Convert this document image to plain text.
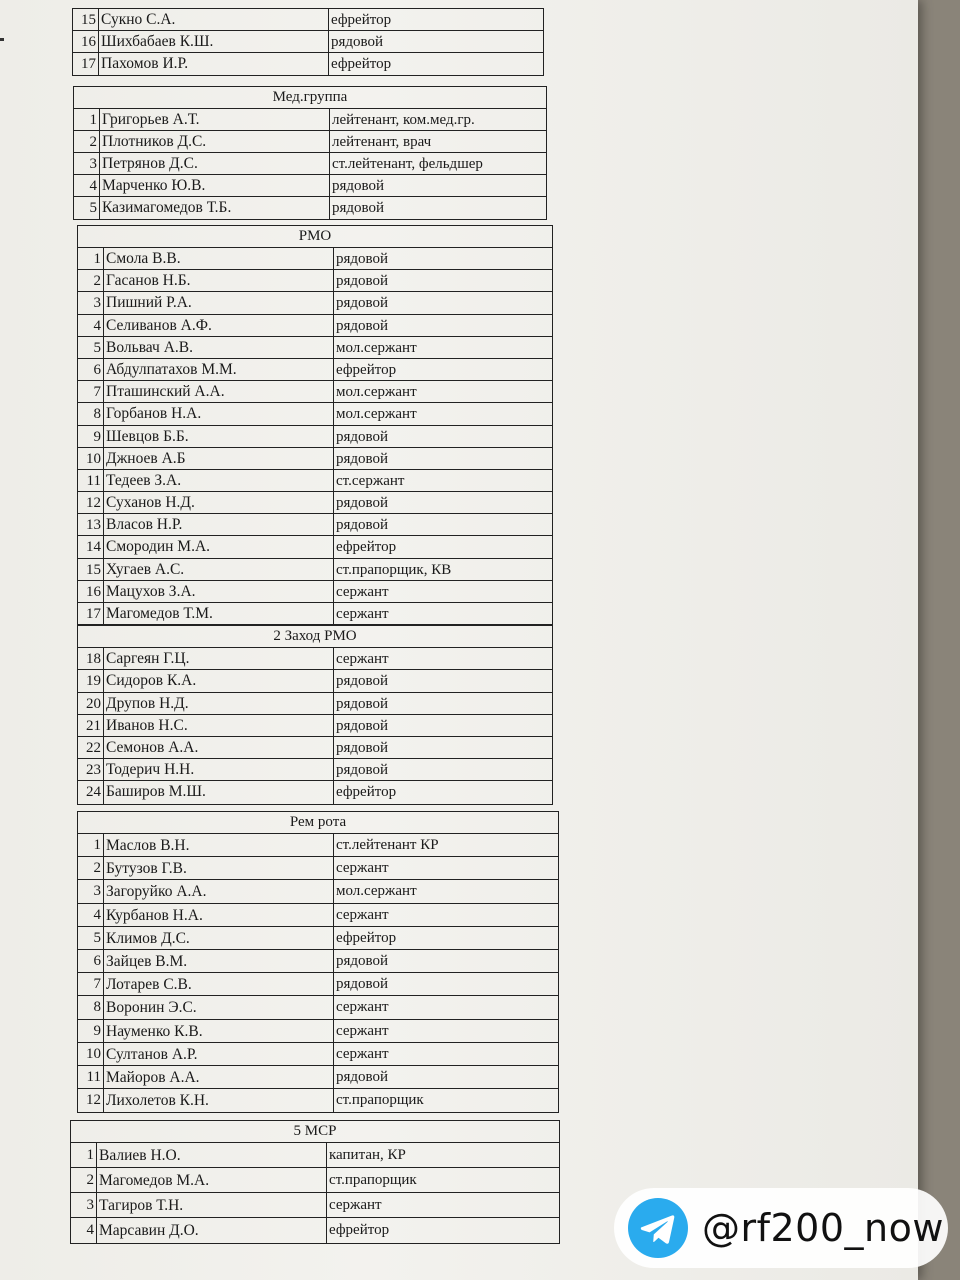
15 Сукно С.А.	ефрейтор
16 Шихбабаев К.Ш.	рядовой
17 Пахомов И.Р.	ефрейтор
Мед.группа
1 Григорьев А.Т.	лейтенант, ком.мед.гр.
2 Плотников Д.С.	лейтенант, врач
3 Петрянов Д.С.	ст.лейтенант, фельдшер
4 Марченко Ю.В.	рядовой
5 Казимагомедов Т.Б.	рядовой
РМО
1 Смола В.В.	рядовой
2 Гасанов Н.Б.	рядовой
3 Пишний Р.А.	рядовой
4 Селиванов А.Ф.	рядовой
5 Вольвач А.В.	мол.сержант
6 Абдулпатахов М.М.	ефрейтор
7 Пташинский А.А.	мол.сержант
8 Горбанов Н.А.	мол.сержант
9 Шевцов Б.Б.	рядовой
10 Джноев А.Б	рядовой
11 Тедеев З.А.	ст.сержант
12 Суханов Н.Д.	рядовой
13 Власов Н.Р.	рядовой
14 Смородин М.А.	ефрейтор
15 Хугаев А.С.	ст.прапорщик, КВ
16 Мацухов З.А.	сержант
17 Магомедов Т.М.	сержант
2 Заход РМО
18 Саргеян Г.Ц.	сержант
19 Сидоров К.А.	рядовой
20 Друпов Н.Д.	рядовой
21 Иванов Н.С.	рядовой
22 Семонов А.А.	рядовой
23 Тодерич Н.Н.	рядовой
24 Баширов М.Ш.	ефрейтор
Рем рота
1 Маслов В.Н.	ст.лейтенант КР
2 Бутузов Г.В.	сержант
3 Загоруйко А.А.	мол.сержант
4 Курбанов Н.А.	сержант
5 Климов Д.С.	ефрейтор
6 Зайцев В.М.	рядовой
7 Лотарев С.В.	рядовой
8 Воронин Э.С.	сержант
9 Науменко К.В.	сержант
10 Султанов А.Р.	сержант
11 Майоров А.А.	рядовой
12 Лихолетов К.Н.	ст.прапорщик
5 МСР
1 Валиев Н.О.	капитан, КР
2 Магомедов М.А.	ст.прапорщик
3 Тагиров Т.Н.	сержант
4 Марсавин Д.О.	ефрейтор	@rf200_now
